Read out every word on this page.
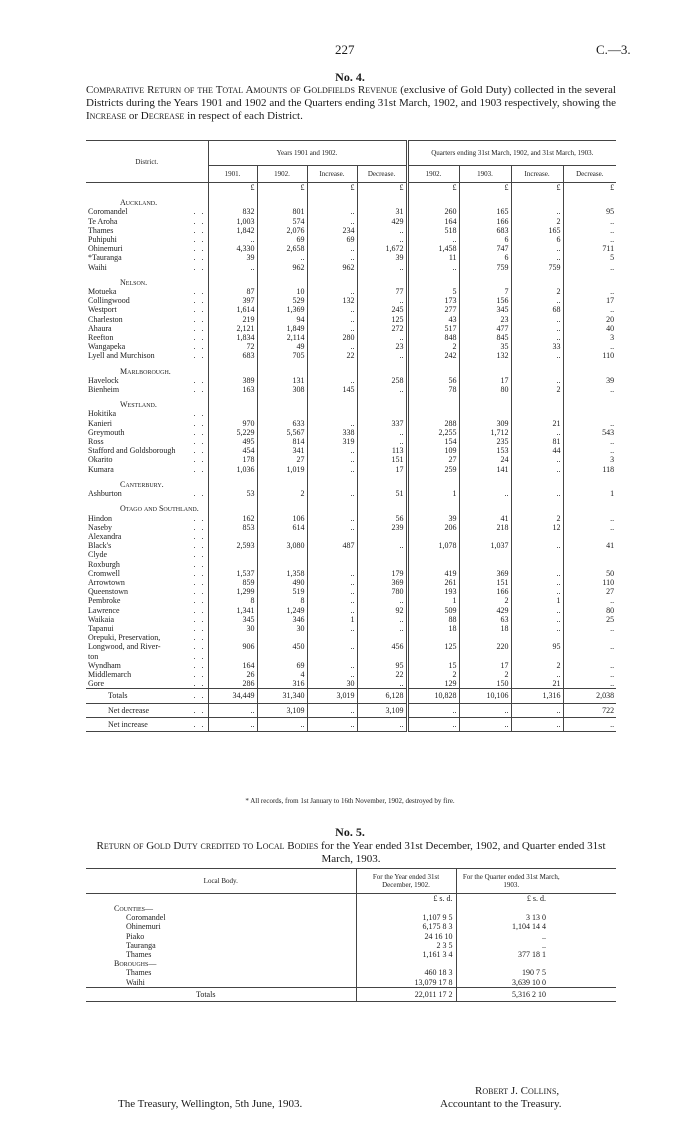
227	C.—3.
No. 4.
Comparative Return of the Total Amounts of Goldfields Revenue (exclusive of Gold Duty) collected in the several Districts during the Years 1901 and 1902 and the Quarters ending 31st March, 1902, and 1903 respectively, showing the Increase or Decrease in respect of each District.
District.	Years 1901 and 1902.				Quarters ending 31st March, 1902, and 31st March, 1903.			
	1901.	1902.	Increase.	Decrease.	1902.	1903.	Increase.	Decrease.
	£	£	£	£	£	£	£	£
Auckland.								
Coromandel . .	832	801	..	31	260	165	..	95
Te Aroha . .	1,003	574	..	429	164	166	2	..
Thames . .	1,842	2,076	234	..	518	683	165	..
Puhipuhi . .	..	69	69	..	..	6	6	..
Ohinemuri . .	4,330	2,658	..	1,672	1,458	747	..	711
*Tauranga . .	39	..	..	39	11	6	..	5
Waihi . .	..	962	962	..	..	759	759	..
Nelson.								
Motueka . .	87	10	..	77	5	7	2	..
Collingwood . .	397	529	132	..	173	156	..	17
Westport . .	1,614	1,369	..	245	277	345	68	..
Charleston . .	219	94	..	125	43	23	..	20
Ahaura . .	2,121	1,849	..	272	517	477	..	40
Reefton . .	1,834	2,114	280	..	848	845	..	3
Wangapeka . .	72	49	..	23	2	35	33	..
Lyell and Murchison . .	683	705	22	..	242	132	..	110
Marlborough.								
Havelock . .	389	131	..	258	56	17	..	39
Bienheim . .	163	308	145	..	78	80	2	..
Westland.								
Hokitika . .								

Kanieri . .	970	633	..	337	288	309	21	..
Greymouth . .	5,229	5,567	338	..	2,255	1,712	..	543
Ross . .	495	814	319	..	154	235	81	..
Stafford and Goldsborough . .	454	341	..	113	109	153	44	..
Okarito . .	178	27	..	151	27	24	..	3
Kumara . .	1,036	1,019	..	17	259	141	..	118
Canterbury.								
Ashburton . .	53	2	..	51	1	..	..	1
Otago and Southland.								
Hindon . .	162	106	..	56	39	41	2	..
Naseby . .	853	614	..	239	206	218	12	..
Alexandra . .								

Black's . .	2,593	3,080	487	..	1,078	1,037	..	41
Clyde . .								

Roxburgh . .								

Cromwell . .	1,537	1,358	..	179	419	369	..	50
Arrowtown . .	859	490	..	369	261	151	..	110
Queenstown . .	1,299	519	..	780	193	166	..	27
Pembroke . .	8	8	..	..	1	2	1	..
Lawrence . .	1,341	1,249	..	92	509	429	..	80
Waikaia . .	345	346	1	..	88	63	..	25
Tapanui . .	30	30	..	..	18	18	..	..
Orepuki, Preservation, . .								

Longwood, and River- . .	906	450	..	456	125	220	95	..
ton . .								

Wyndham . .	164	69	..	95	15	17	2	..
Middlemarch . .	26	4	..	22	2	2	..	..
Gore . .	286	316	30	..	129	150	21	..
Totals . .	34,449	31,340	3,019	6,128	10,828	10,106	1,316	2,038
Net decrease . .	..	3,109	..	3,109	..	..	..	722
Net increase . .	..	..	..	..	..	..	..	..
* All records, from 1st January to 16th November, 1902, destroyed by fire.
No. 5.
Return of Gold Duty credited to Local Bodies for the Year ended 31st December, 1902, and Quarter ended 31st March, 1903.
Local Body.	For the Year ended 31st December, 1902.	For the Quarter ended 31st March, 1903.	
	£ s. d.	£ s. d.	
Counties—			
Coromandel	1,107 9 5	3 13 0	
Ohinemuri	6,175 8 3	1,104 14 4	
Piako	24 16 10	..	
Tauranga	2 3 5	..	
Thames	1,161 3 4	377 18 1	
Boroughs—			
Thames	460 18 3	190 7 5	
Waihi	13,079 17 8	3,639 10 0	
Totals	22,011 17 2	5,316 2 10	
The Treasury, Wellington, 5th June, 1903.
Robert J. Collins,
Accountant to the Treasury.
